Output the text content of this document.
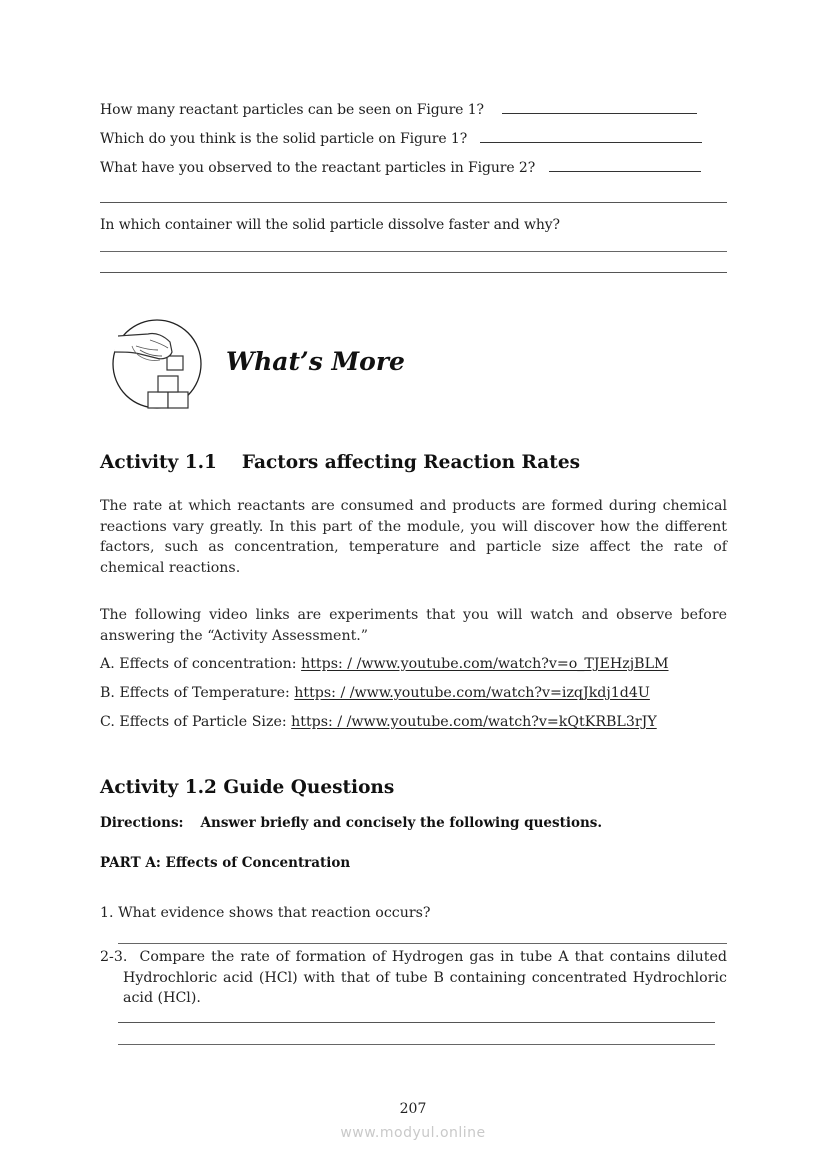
How many reactant particles can be seen on Figure 1?
Which do you think is the solid particle on Figure 1?
What have you observed to the reactant particles in Figure 2?
In which container will the solid particle dissolve faster and why?
What’s More
Activity 1.1  Factors affecting Reaction Rates
The rate at which reactants are consumed and products are formed during chemical reactions vary greatly. In this part of the module, you will discover how the different factors, such as concentration, temperature and particle size affect the rate of chemical reactions.
The following video links are experiments that you will watch and observe before answering the “Activity Assessment.”
A. Effects of concentration: https: / /www.youtube.com/watch?v=o_TJEHzjBLM
B. Effects of Temperature: https: / /www.youtube.com/watch?v=izqJkdj1d4U
C. Effects of Particle Size: https: / /www.youtube.com/watch?v=kQtKRBL3rJY
Activity 1.2 Guide Questions
Directions: Answer briefly and concisely the following questions.
PART A: Effects of Concentration
1. What evidence shows that reaction occurs?
2-3. Compare the rate of formation of Hydrogen gas in tube A that contains diluted Hydrochloric acid (HCl) with that of tube B containing concentrated Hydrochloric acid (HCl).
207
www.modyul.online
